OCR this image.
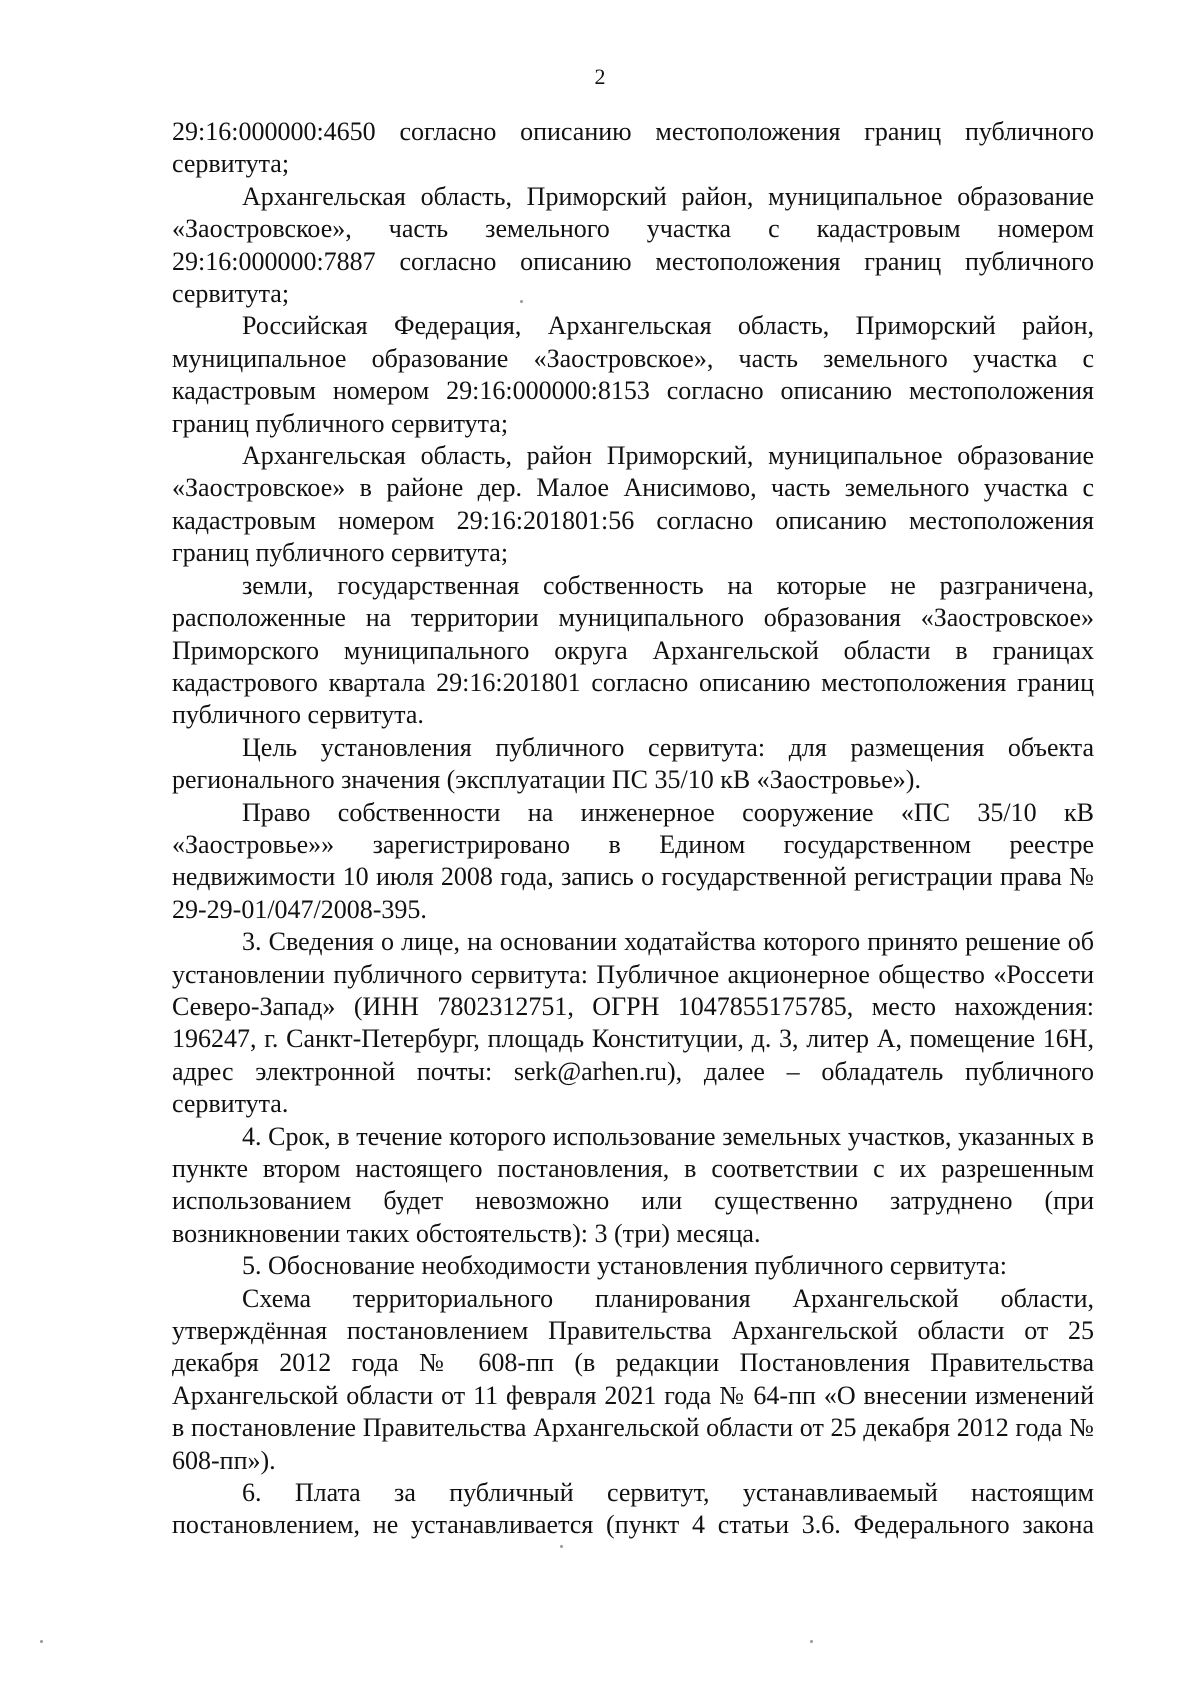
2

29:16:000000:4650 согласно описанию местоположения границ публичного сервитута;

Архангельская область, Приморский район, муниципальное образование «Заостровское», часть земельного участка с кадастровым номером 29:16:000000:7887 согласно описанию местоположения границ публичного сервитута;

Российская Федерация, Архангельская область, Приморский район, муниципальное образование «Заостровское», часть земельного участка с кадастровым номером 29:16:000000:8153 согласно описанию местоположения границ публичного сервитута;

Архангельская область, район Приморский, муниципальное образование «Заостровское» в районе дер. Малое Анисимово, часть земельного участка с кадастровым номером 29:16:201801:56 согласно описанию местоположения границ публичного сервитута;

земли, государственная собственность на которые не разграничена, расположенные на территории муниципального образования «Заостровское» Приморского муниципального округа Архангельской области в границах кадастрового квартала 29:16:201801 согласно описанию местоположения границ публичного сервитута.

Цель установления публичного сервитута: для размещения объекта регионального значения (эксплуатации ПС 35/10 кВ «Заостровье»).

Право собственности на инженерное сооружение «ПС 35/10 кВ «Заостровье»» зарегистрировано в Едином государственном реестре недвижимости 10 июля 2008 года, запись о государственной регистрации права № 29-29-01/047/2008-395.

3. Сведения о лице, на основании ходатайства которого принято решение об установлении публичного сервитута: Публичное акционерное общество «Россети Северо-Запад» (ИНН 7802312751, ОГРН 1047855175785, место нахождения: 196247, г. Санкт-Петербург, площадь Конституции, д. 3, литер А, помещение 16Н, адрес электронной почты: serk@arhen.ru), далее – обладатель публичного сервитута.

4. Срок, в течение которого использование земельных участков, указанных в пункте втором настоящего постановления, в соответствии с их разрешенным использованием будет невозможно или существенно затруднено (при возникновении таких обстоятельств): 3 (три) месяца.

5. Обоснование необходимости установления публичного сервитута:

Схема территориального планирования Архангельской области, утверждённая постановлением Правительства Архангельской области от 25 декабря 2012 года № 608-пп (в редакции Постановления Правительства Архангельской области от 11 февраля 2021 года № 64-пп «О внесении изменений в постановление Правительства Архангельской области от 25 декабря 2012 года № 608-пп»).

6. Плата за публичный сервитут, устанавливаемый настоящим постановлением, не устанавливается (пункт 4 статьи 3.6. Федерального закона
